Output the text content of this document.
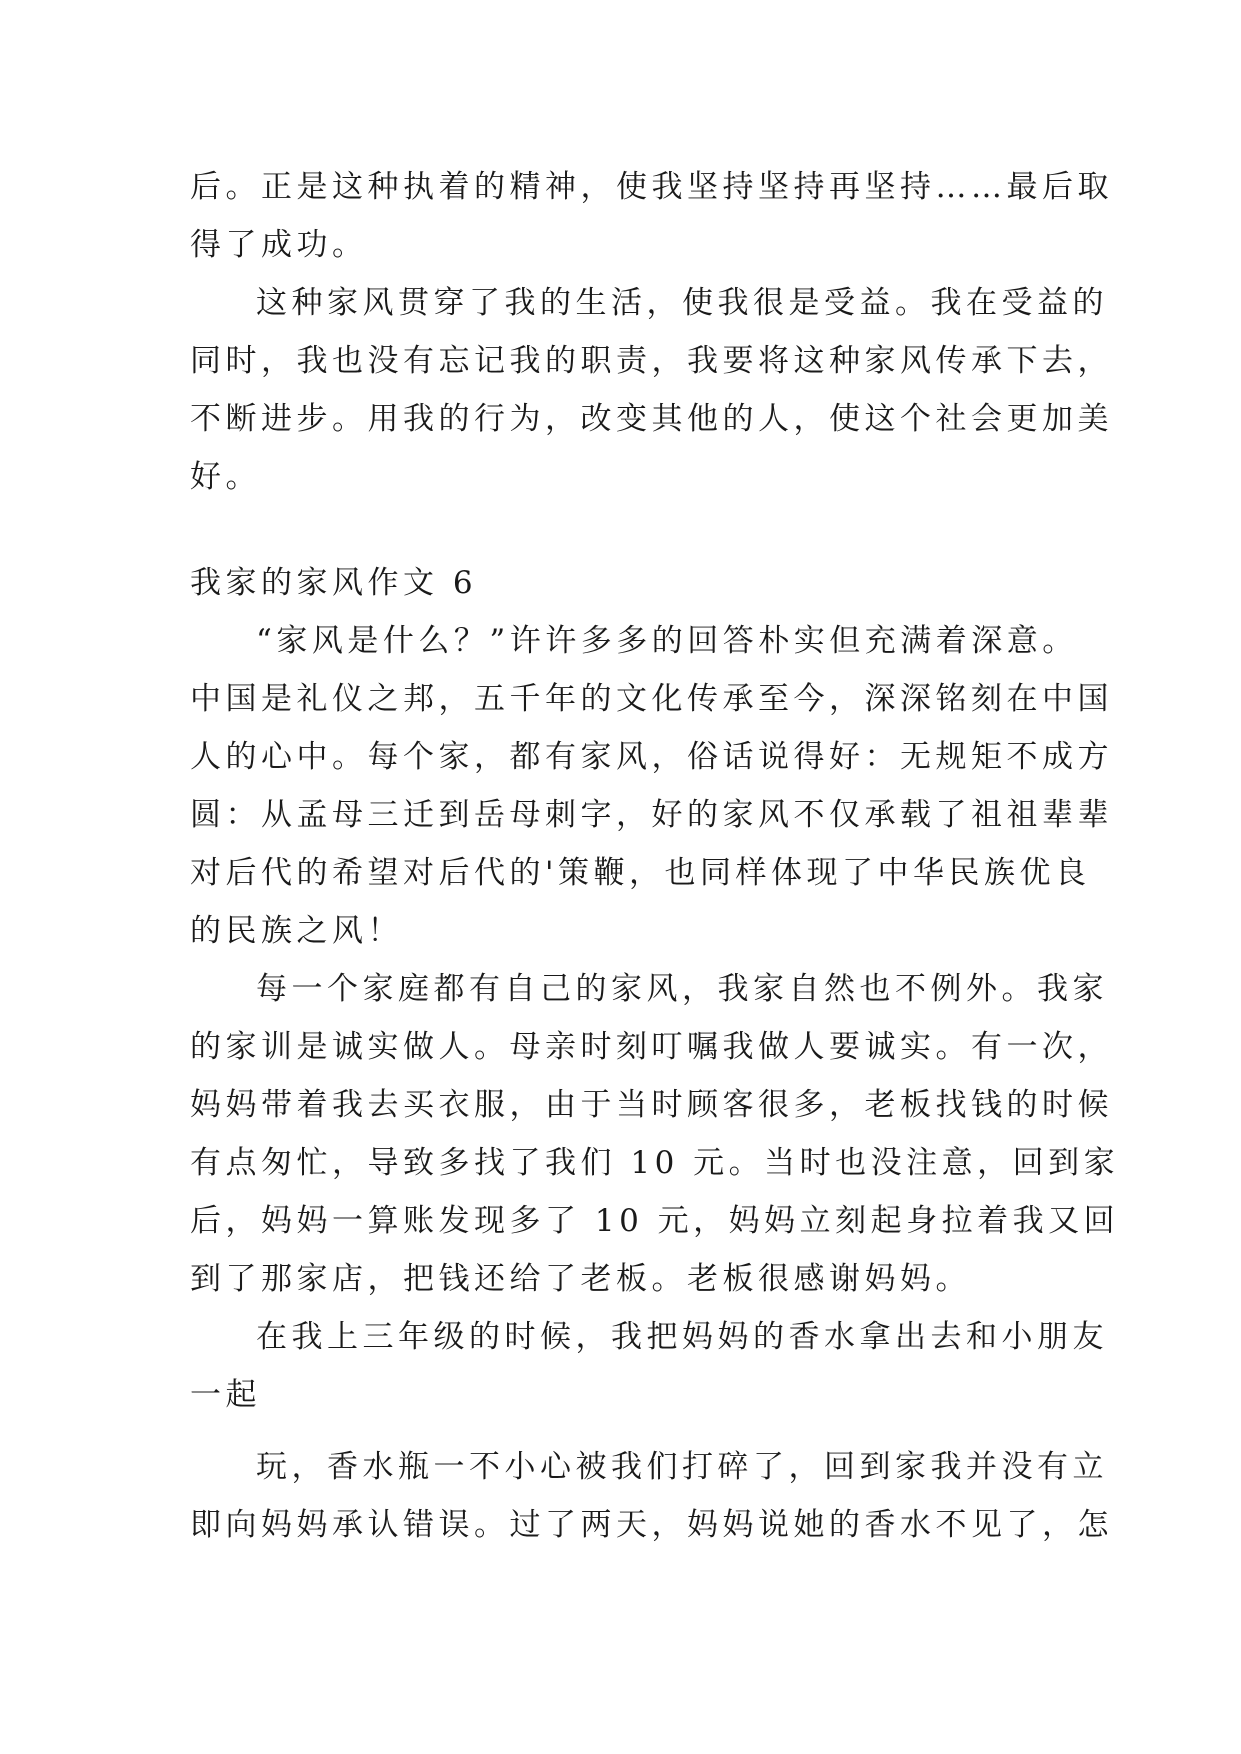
后。正是这种执着的精神，使我坚持坚持再坚持……最后取
得了成功。
这种家风贯穿了我的生活，使我很是受益。我在受益的
同时，我也没有忘记我的职责，我要将这种家风传承下去，
不断进步。用我的行为，改变其他的人，使这个社会更加美
好。
我家的家风作文 6
“家风是什么？”许许多多的回答朴实但充满着深意。
中国是礼仪之邦，五千年的文化传承至今，深深铭刻在中国
人的心中。每个家，都有家风，俗话说得好：无规矩不成方
圆：从孟母三迁到岳母刺字，好的家风不仅承载了祖祖辈辈
对后代的希望对后代的'策鞭，也同样体现了中华民族优良
的民族之风！
每一个家庭都有自己的家风，我家自然也不例外。我家
的家训是诚实做人。母亲时刻叮嘱我做人要诚实。有一次，
妈妈带着我去买衣服，由于当时顾客很多，老板找钱的时候
有点匆忙，导致多找了我们 10 元。当时也没注意，回到家
后，妈妈一算账发现多了 10 元，妈妈立刻起身拉着我又回
到了那家店，把钱还给了老板。老板很感谢妈妈。
在我上三年级的时候，我把妈妈的香水拿出去和小朋友
一起
玩，香水瓶一不小心被我们打碎了，回到家我并没有立
即向妈妈承认错误。过了两天，妈妈说她的香水不见了，怎
